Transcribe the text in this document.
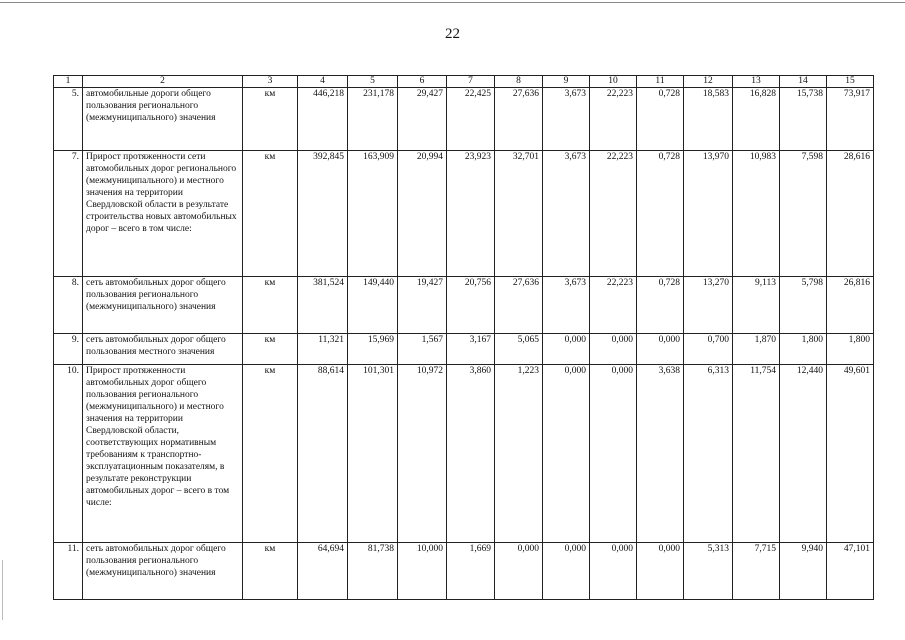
22
1	2	3	4	5	6	7	8	9	10	11	12	13	14	15
5.	автомобильные дороги общего пользования регионального (межмуниципального) значения	км	446,218	231,178	29,427	22,425	27,636	3,673	22,223	0,728	18,583	16,828	15,738	73,917
7.	Прирост протяженности сети автомобильных дорог регионального (межмуниципального) и местного значения на территории Свердловской области в результате строительства новых автомобильных дорог – всего в том числе:	км	392,845	163,909	20,994	23,923	32,701	3,673	22,223	0,728	13,970	10,983	7,598	28,616
8.	сеть автомобильных дорог общего пользования регионального (межмуниципального) значения	км	381,524	149,440	19,427	20,756	27,636	3,673	22,223	0,728	13,270	9,113	5,798	26,816
9.	сеть автомобильных дорог общего пользования местного значения	км	11,321	15,969	1,567	3,167	5,065	0,000	0,000	0,000	0,700	1,870	1,800	1,800
10.	Прирост протяженности автомобильных дорог общего пользования регионального (межмуниципального) и местного значения на территории Свердловской области, соответствующих нормативным требованиям к транспортно-эксплуатационным показателям, в результате реконструкции автомобильных дорог – всего в том числе:	км	88,614	101,301	10,972	3,860	1,223	0,000	0,000	3,638	6,313	11,754	12,440	49,601
11.	сеть автомобильных дорог общего пользования регионального (межмуниципального) значения	км	64,694	81,738	10,000	1,669	0,000	0,000	0,000	0,000	5,313	7,715	9,940	47,101
